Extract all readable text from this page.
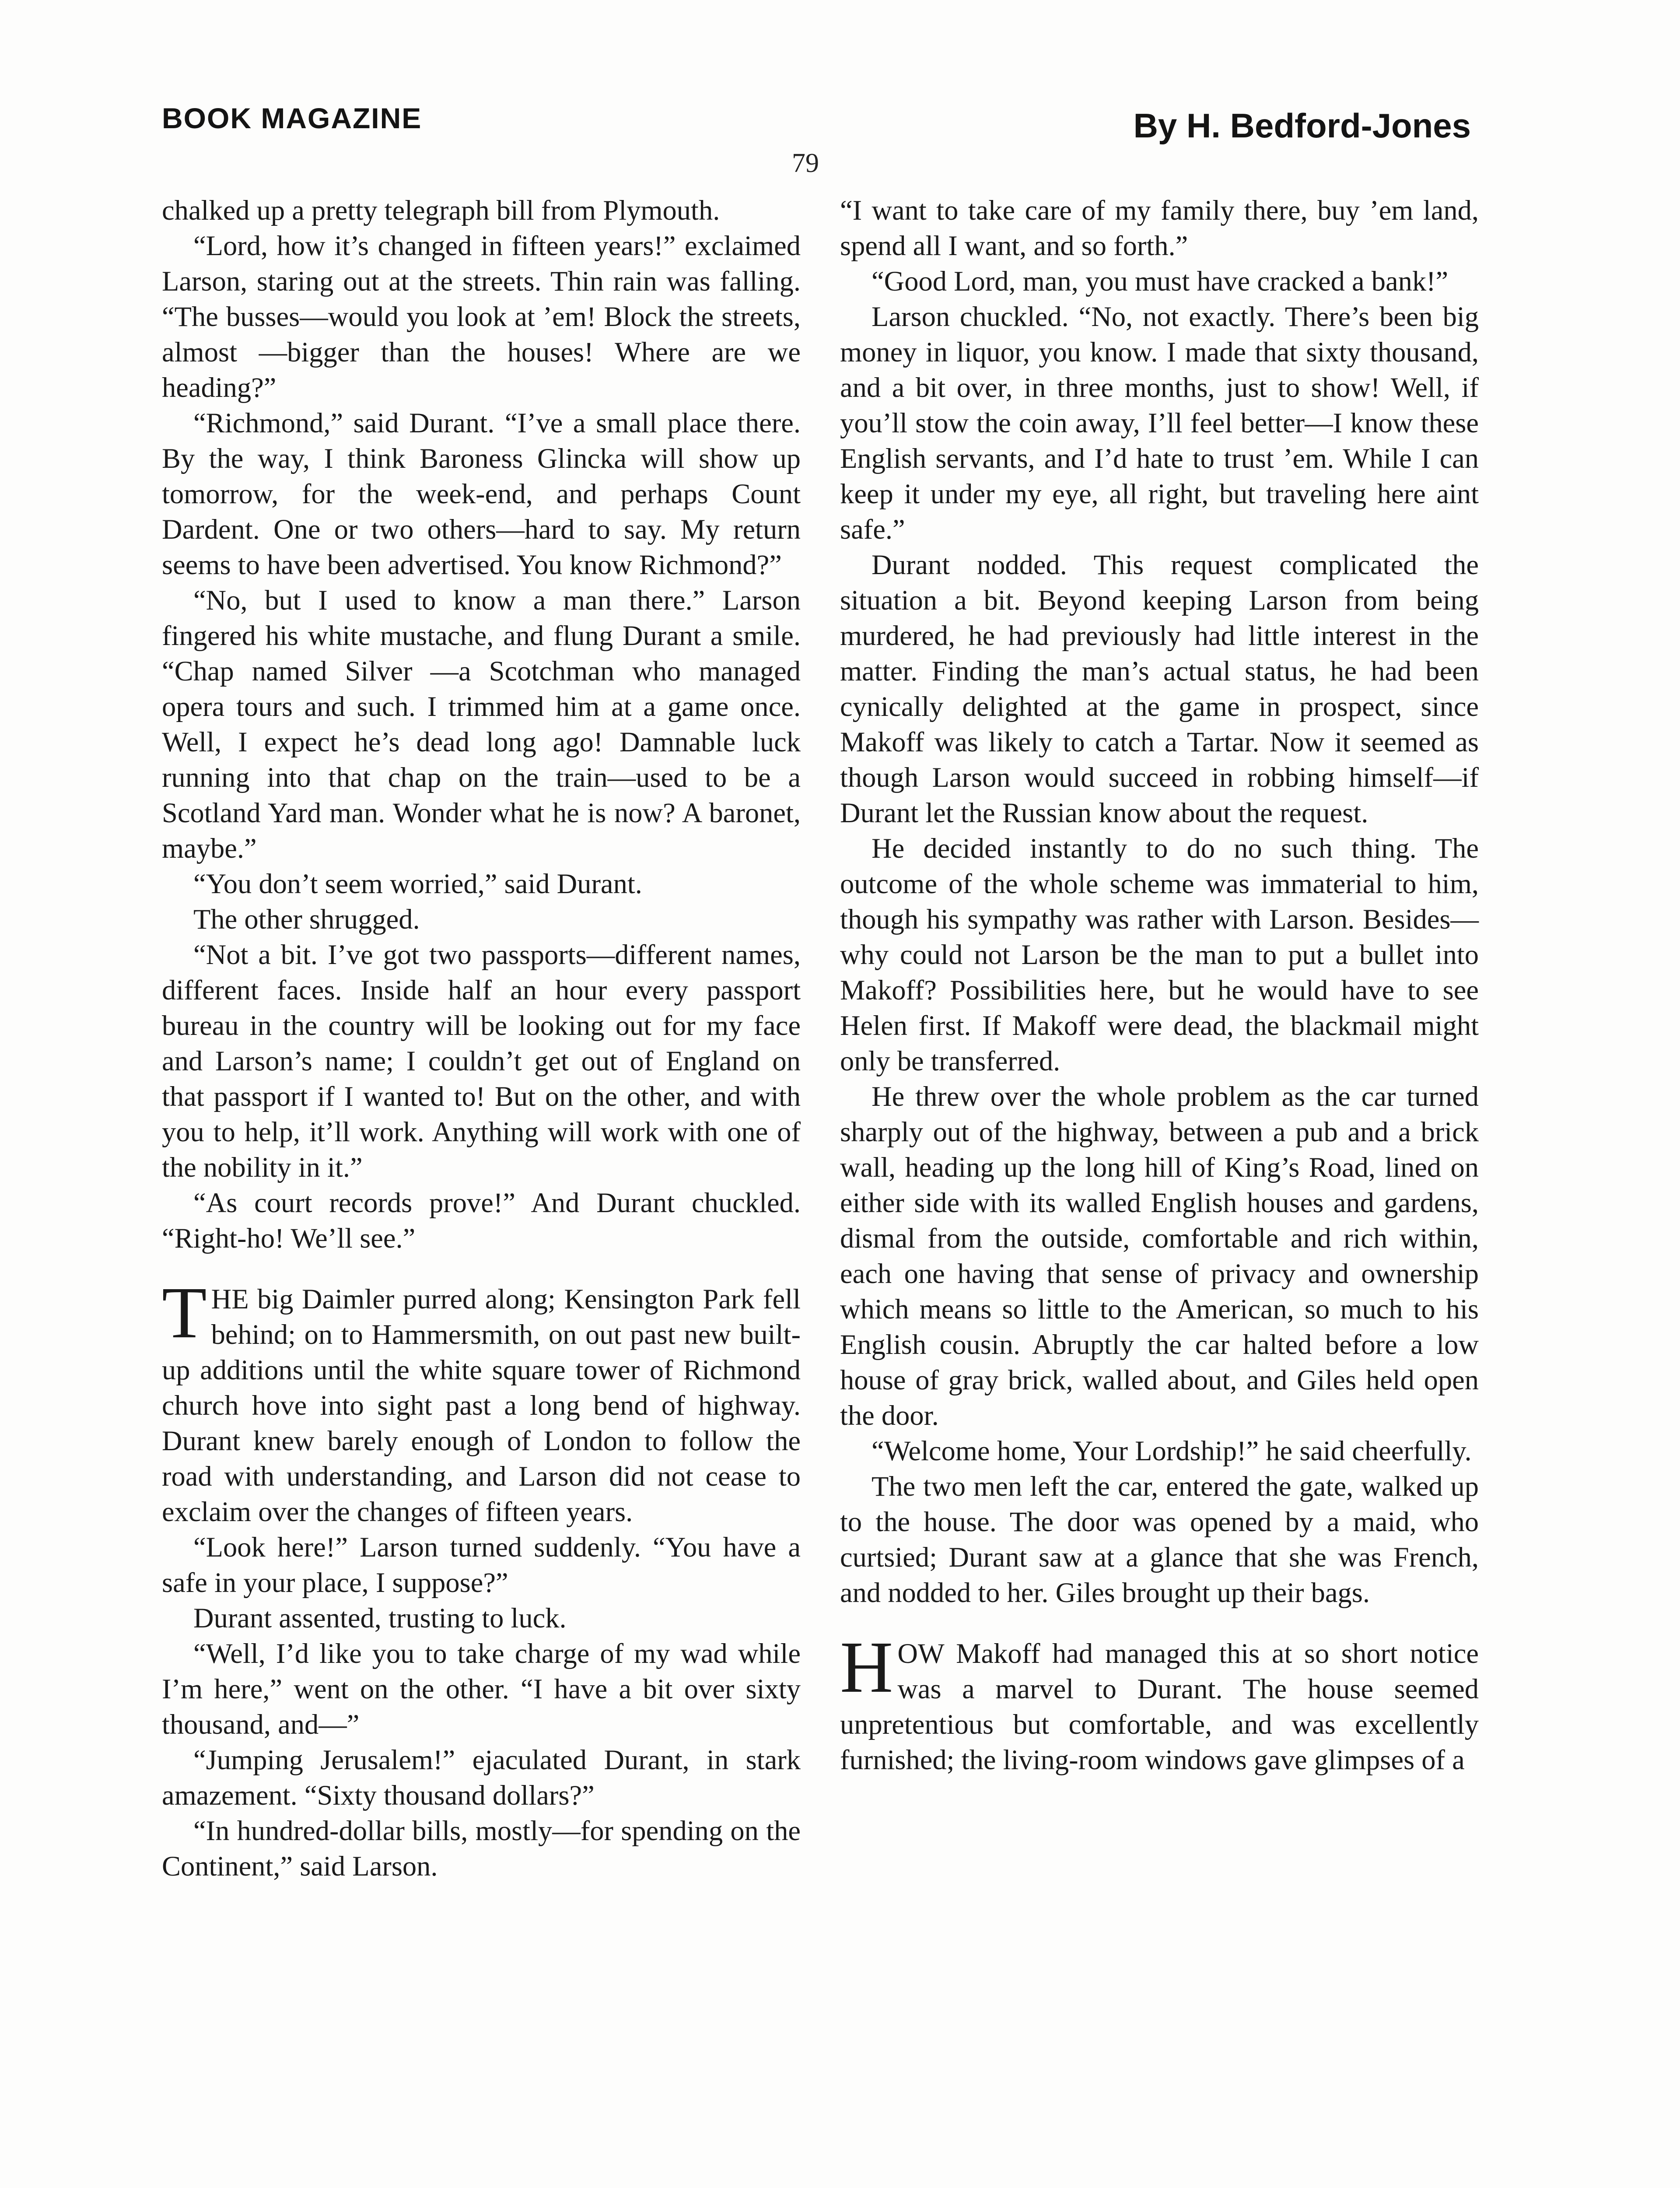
BOOK MAGAZINE	By H. Bedford-Jones
79

chalked up a pretty telegraph bill from Plymouth.

“Lord, how it’s changed in fifteen years!” exclaimed Larson, staring out at the streets. Thin rain was falling. “The busses—would you look at ’em! Block the streets, almost —bigger than the houses! Where are we heading?”

“Richmond,” said Durant. “I’ve a small place there. By the way, I think Baroness Glincka will show up tomorrow, for the week-end, and perhaps Count Dardent. One or two others—hard to say. My return seems to have been advertised. You know Richmond?”

“No, but I used to know a man there.” Larson fingered his white mustache, and flung Durant a smile. “Chap named Silver —a Scotchman who managed opera tours and such. I trimmed him at a game once. Well, I expect he’s dead long ago! Damnable luck running into that chap on the train—used to be a Scotland Yard man. Wonder what he is now? A baronet, maybe.”

“You don’t seem worried,” said Durant.

The other shrugged.

“Not a bit. I’ve got two passports—different names, different faces. Inside half an hour every passport bureau in the country will be looking out for my face and Larson’s name; I couldn’t get out of England on that passport if I wanted to! But on the other, and with you to help, it’ll work. Anything will work with one of the nobility in it.”

“As court records prove!” And Durant chuckled. “Right-ho! We’ll see.”

THE big Daimler purred along; Kensington Park fell behind; on to Hammersmith, on out past new built-up additions until the white square tower of Richmond church hove into sight past a long bend of highway. Durant knew barely enough of London to follow the road with understanding, and Larson did not cease to exclaim over the changes of fifteen years.

“Look here!” Larson turned suddenly. “You have a safe in your place, I suppose?”

Durant assented, trusting to luck.

“Well, I’d like you to take charge of my wad while I’m here,” went on the other. “I have a bit over sixty thousand, and—”

“Jumping Jerusalem!” ejaculated Durant, in stark amazement. “Sixty thousand dollars?”

“In hundred-dollar bills, mostly—for spending on the Continent,” said Larson.

“I want to take care of my family there, buy ’em land, spend all I want, and so forth.”

“Good Lord, man, you must have cracked a bank!”

Larson chuckled. “No, not exactly. There’s been big money in liquor, you know. I made that sixty thousand, and a bit over, in three months, just to show! Well, if you’ll stow the coin away, I’ll feel better—I know these English servants, and I’d hate to trust ’em. While I can keep it under my eye, all right, but traveling here aint safe.”

Durant nodded. This request complicated the situation a bit. Beyond keeping Larson from being murdered, he had previously had little interest in the matter. Finding the man’s actual status, he had been cynically delighted at the game in prospect, since Makoff was likely to catch a Tartar. Now it seemed as though Larson would succeed in robbing himself—if Durant let the Russian know about the request.

He decided instantly to do no such thing. The outcome of the whole scheme was immaterial to him, though his sympathy was rather with Larson. Besides—why could not Larson be the man to put a bullet into Makoff? Possibilities here, but he would have to see Helen first. If Makoff were dead, the blackmail might only be transferred.

He threw over the whole problem as the car turned sharply out of the highway, between a pub and a brick wall, heading up the long hill of King’s Road, lined on either side with its walled English houses and gardens, dismal from the outside, comfortable and rich within, each one having that sense of privacy and ownership which means so little to the American, so much to his English cousin. Abruptly the car halted before a low house of gray brick, walled about, and Giles held open the door.

“Welcome home, Your Lordship!” he said cheerfully.

The two men left the car, entered the gate, walked up to the house. The door was opened by a maid, who curtsied; Durant saw at a glance that she was French, and nodded to her. Giles brought up their bags.

HOW Makoff had managed this at so short notice was a marvel to Durant. The house seemed unpretentious but comfortable, and was excellently furnished; the living-room windows gave glimpses of a
